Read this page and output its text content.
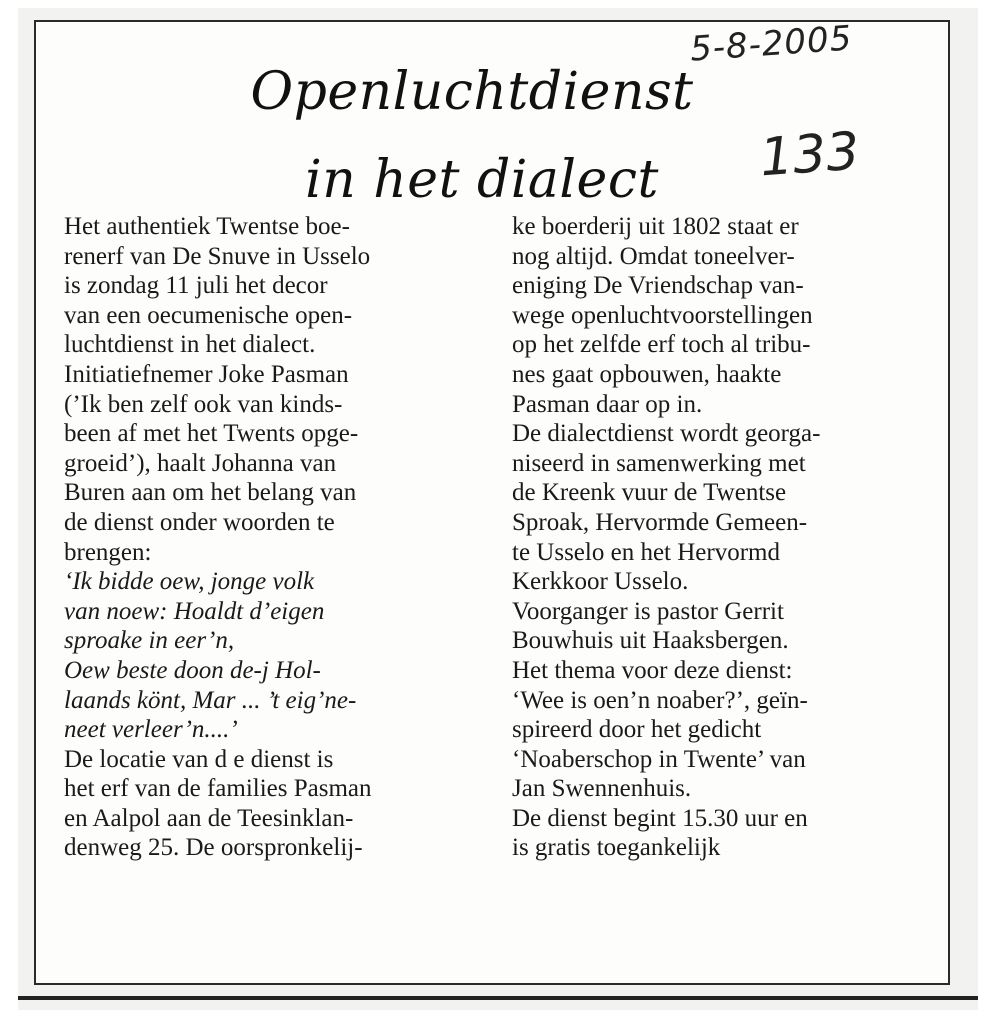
Openluchtdienst
in het dialect
5-8-2005
133
Het authentiek Twentse boe-
renerf van De Snuve in Usselo
is zondag 11 juli het decor
van een oecumenische open-
luchtdienst in het dialect.
Initiatiefnemer Joke Pasman
(’Ik ben zelf ook van kinds-
been af met het Twents opge-
groeid’), haalt Johanna van
Buren aan om het belang van
de dienst onder woorden te
brengen:
‘Ik bidde oew, jonge volk
van noew: Hoaldt d’eigen
sproake in eer’n,
Oew beste doon de-j Hol-
laands könt, Mar ... ’t eig’ne-
neet verleer’n....’
De locatie van d e dienst is
het erf van de families Pasman
en Aalpol aan de Teesinklan-
denweg 25. De oorspronkelij-
ke boerderij uit 1802 staat er
nog altijd. Omdat toneelver-
eniging De Vriendschap van-
wege openluchtvoorstellingen
op het zelfde erf toch al tribu-
nes gaat opbouwen, haakte
Pasman daar op in.
De dialectdienst wordt georga-
niseerd in samenwerking met
de Kreenk vuur de Twentse
Sproak, Hervormde Gemeen-
te Usselo en het Hervormd
Kerkkoor Usselo.
Voorganger is pastor Gerrit
Bouwhuis uit Haaksbergen.
Het thema voor deze dienst:
‘Wee is oen’n noaber?’, geïn-
spireerd door het gedicht
‘Noaberschop in Twente’ van
Jan Swennenhuis.
De dienst begint 15.30 uur en
is gratis toegankelijk
